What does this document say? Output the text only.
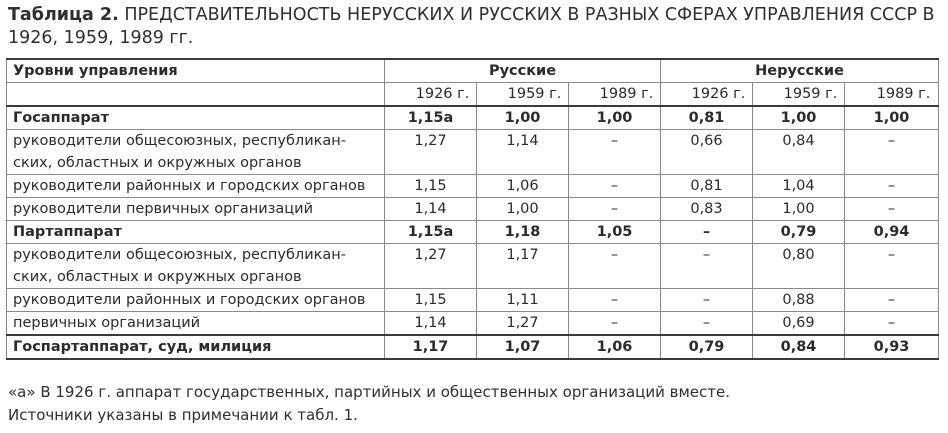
Таблица 2. ПРЕДСТАВИТЕЛЬНОСТЬ НЕРУССКИХ И РУССКИХ В РАЗНЫХ СФЕРАХ УПРАВЛЕНИЯ СССР В 1926, 1959, 1989 гг.
Уровни управления	Русские			Нерусские		
	1926 г.	1959 г.	1989 г.	1926 г.	1959 г.	1989 г.
Госаппарат	1,15а	1,00	1,00	0,81	1,00	1,00
руководители общесоюзных, республикан-ских, областных и окружных органов	1,27	1,14	–	0,66	0,84	–
руководители районных и городских органов	1,15	1,06	–	0,81	1,04	–
руководители первичных организаций	1,14	1,00	–	0,83	1,00	–
Партаппарат	1,15а	1,18	1,05	–	0,79	0,94
руководители общесоюзных, республикан-ских, областных и окружных органов	1,27	1,17	–	–	0,80	–
руководители районных и городских органов	1,15	1,11	–	–	0,88	–
первичных организаций	1,14	1,27	–	–	0,69	–
Госпартаппарат, суд, милиция	1,17	1,07	1,06	0,79	0,84	0,93

«а» В 1926 г. аппарат государственных, партийных и общественных организаций вместе.

Источники указаны в примечании к табл. 1.
